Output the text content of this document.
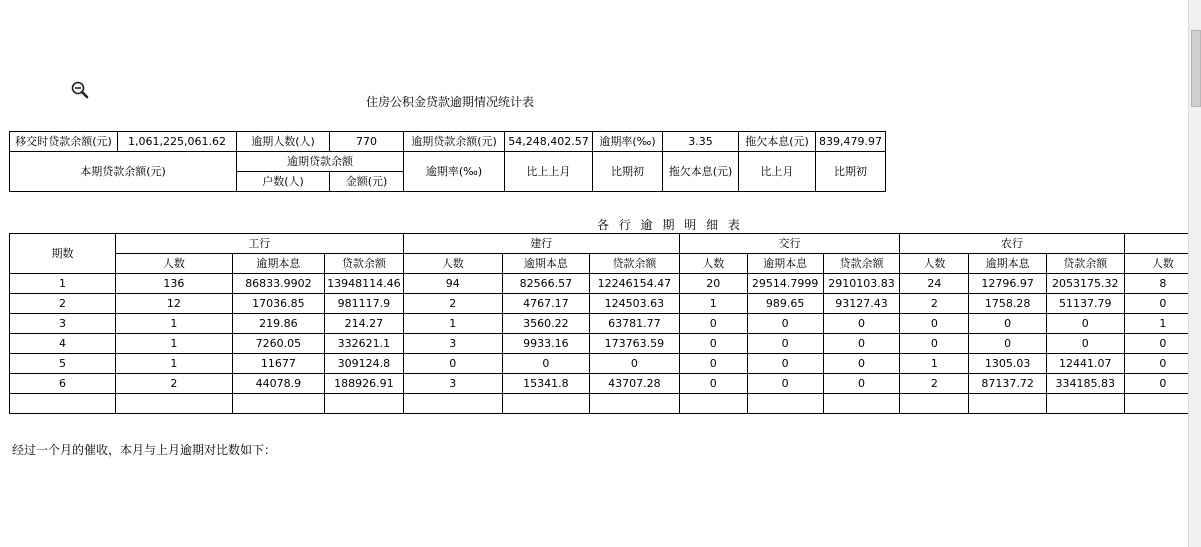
住房公积金贷款逾期情况统计表
移交时贷款余额(元)	1,061,225,061.62	逾期人数(人)	770	逾期贷款余额(元)	54,248,402.57	逾期率(‰)	3.35	拖欠本息(元)	839,479.97
本期贷款余额(元)		逾期贷款余额		逾期率(‰)	比上上月	比期初	拖欠本息(元)	比上月	比期初
		户数(人)	金额(元)						
各 行 逾 期 明 细 表
期数	工行			建行			交行			农行			
	人数	逾期本息	贷款余额	人数	逾期本息	贷款余额	人数	逾期本息	贷款余额	人数	逾期本息	贷款余额	人数
1	136	86833.9902	13948114.46	94	82566.57	12246154.47	20	29514.7999	2910103.83	24	12796.97	2053175.32	8
2	12	17036.85	981117.9	2	4767.17	124503.63	1	989.65	93127.43	2	1758.28	51137.79	0
3	1	219.86	214.27	1	3560.22	63781.77	0	0	0	0	0	0	1
4	1	7260.05	332621.1	3	9933.16	173763.59	0	0	0	0	0	0	0
5	1	11677	309124.8	0	0	0	0	0	0	1	1305.03	12441.07	0
6	2	44078.9	188926.91	3	15341.8	43707.28	0	0	0	2	87137.72	334185.83	0

经过一个月的催收，本月与上月逾期对比数如下：
